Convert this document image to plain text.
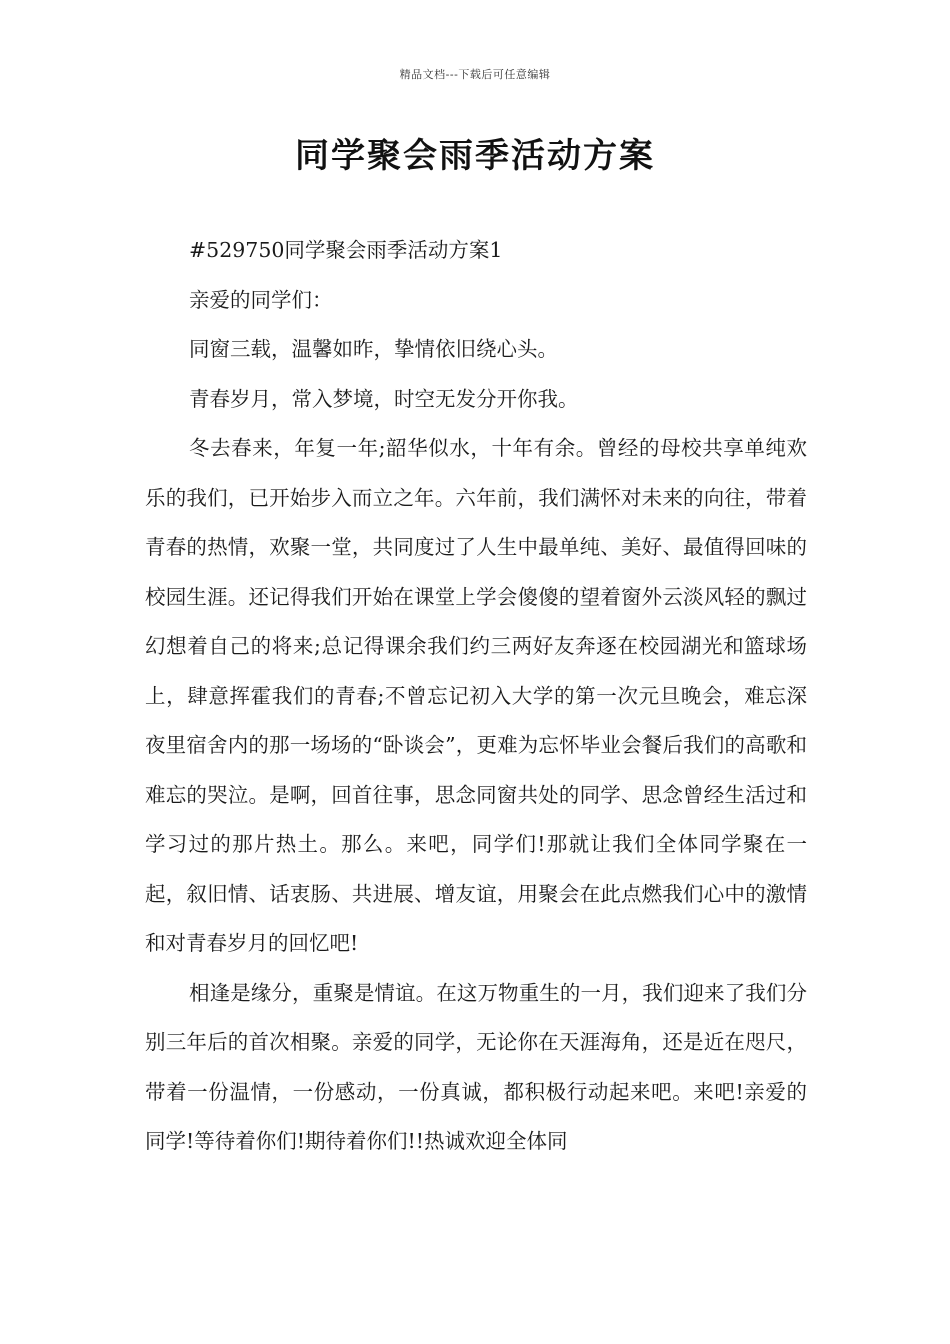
精品文档---下载后可任意编辑
同学聚会雨季活动方案

#529750同学聚会雨季活动方案1

亲爱的同学们：

同窗三载，温馨如昨，挚情依旧绕心头。

青春岁月，常入梦境，时空无发分开你我。

冬去春来，年复一年;韶华似水，十年有余。曾经的母校共享单纯欢乐的我们，已开始步入而立之年。六年前，我们满怀对未来的向往，带着青春的热情，欢聚一堂，共同度过了人生中最单纯、美好、最值得回味的校园生涯。还记得我们开始在课堂上学会傻傻的望着窗外云淡风轻的飘过幻想着自己的将来;总记得课余我们约三两好友奔逐在校园湖光和篮球场上，肆意挥霍我们的青春;不曾忘记初入大学的第一次元旦晚会，难忘深夜里宿舍内的那一场场的“卧谈会”，更难为忘怀毕业会餐后我们的高歌和难忘的哭泣。是啊，回首往事，思念同窗共处的同学、思念曾经生活过和学习过的那片热土。那么。来吧，同学们!那就让我们全体同学聚在一起，叙旧情、话衷肠、共进展、增友谊，用聚会在此点燃我们心中的激情和对青春岁月的回忆吧!

相逢是缘分，重聚是情谊。在这万物重生的一月，我们迎来了我们分别三年后的首次相聚。亲爱的同学，无论你在天涯海角，还是近在咫尺，带着一份温情，一份感动，一份真诚，都积极行动起来吧。来吧!亲爱的同学!等待着你们!期待着你们!!热诚欢迎全体同
